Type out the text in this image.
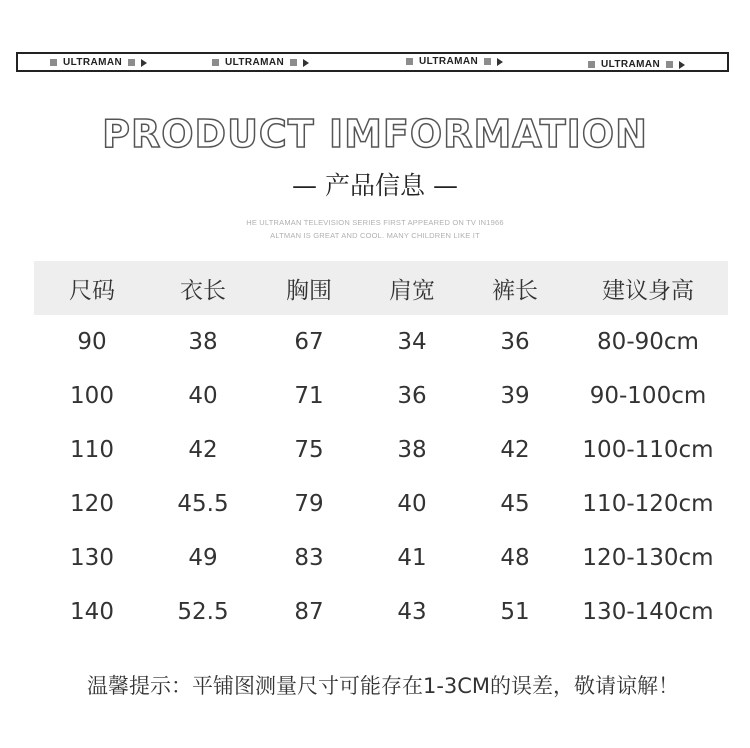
ULTRAMAN	ULTRAMAN	ULTRAMAN	ULTRAMAN
PRODUCT IMFORMATION
— 产品信息 —
HE ULTRAMAN TELEVISION SERIES FIRST APPEARED ON TV IN1966
ALTMAN IS GREAT AND COOL. MANY CHILDREN LIKE IT
尺码	衣长	胸围	肩宽	裤长	建议身高
90	38	67	34	36	80-90cm
100	40	71	36	39	90-100cm
110	42	75	38	42	100-110cm
120	45.5	79	40	45	110-120cm
130	49	83	41	48	120-130cm
140	52.5	87	43	51	130-140cm
温馨提示：平铺图测量尺寸可能存在1-3CM的误差，敬请谅解！
